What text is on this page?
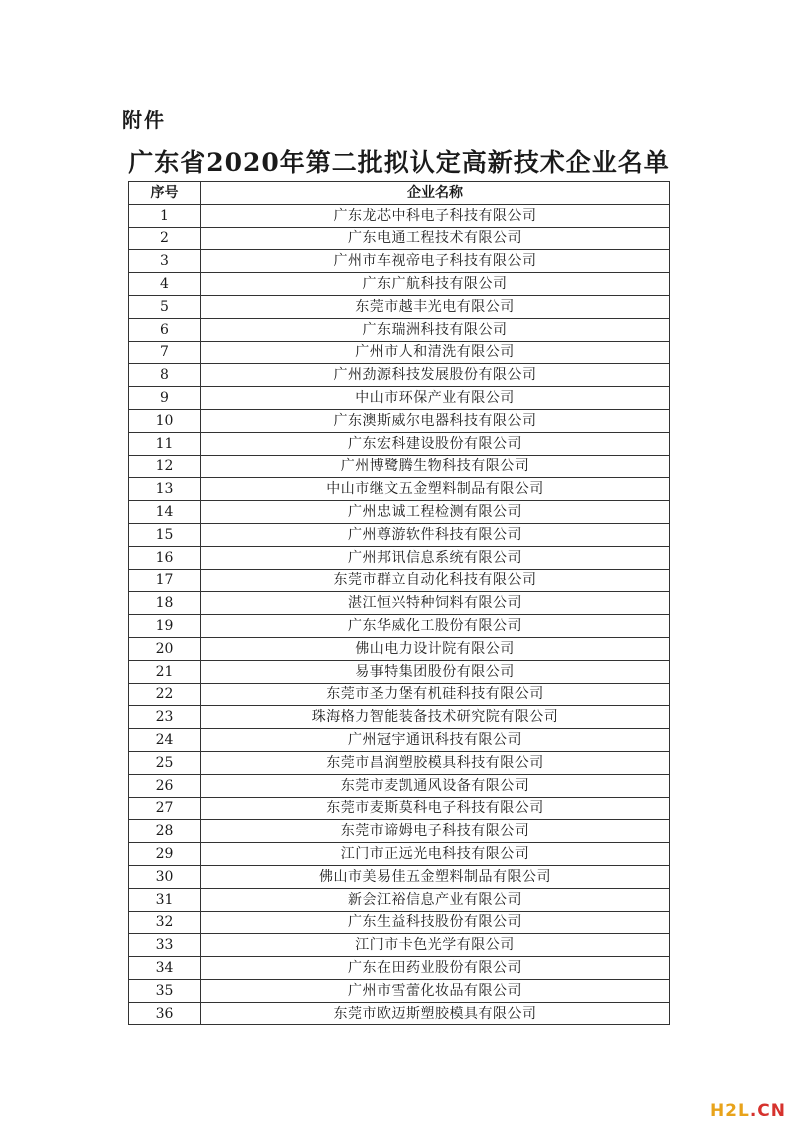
附件
广东省2020年第二批拟认定高新技术企业名单
序号	企业名称
1	广东龙芯中科电子科技有限公司
2	广东电通工程技术有限公司
3	广州市车视帝电子科技有限公司
4	广东广航科技有限公司
5	东莞市越丰光电有限公司
6	广东瑞洲科技有限公司
7	广州市人和清洗有限公司
8	广州劲源科技发展股份有限公司
9	中山市环保产业有限公司
10	广东澳斯威尔电器科技有限公司
11	广东宏科建设股份有限公司
12	广州博鹭腾生物科技有限公司
13	中山市继文五金塑料制品有限公司
14	广州忠诚工程检测有限公司
15	广州尊游软件科技有限公司
16	广州邦讯信息系统有限公司
17	东莞市群立自动化科技有限公司
18	湛江恒兴特种饲料有限公司
19	广东华威化工股份有限公司
20	佛山电力设计院有限公司
21	易事特集团股份有限公司
22	东莞市圣力堡有机硅科技有限公司
23	珠海格力智能装备技术研究院有限公司
24	广州冠宇通讯科技有限公司
25	东莞市昌润塑胶模具科技有限公司
26	东莞市麦凯通风设备有限公司
27	东莞市麦斯莫科电子科技有限公司
28	东莞市谛姆电子科技有限公司
29	江门市正远光电科技有限公司
30	佛山市美易佳五金塑料制品有限公司
31	新会江裕信息产业有限公司
32	广东生益科技股份有限公司
33	江门市卡色光学有限公司
34	广东在田药业股份有限公司
35	广州市雪蕾化妆品有限公司
36	东莞市欧迈斯塑胶模具有限公司
H2L.CN
